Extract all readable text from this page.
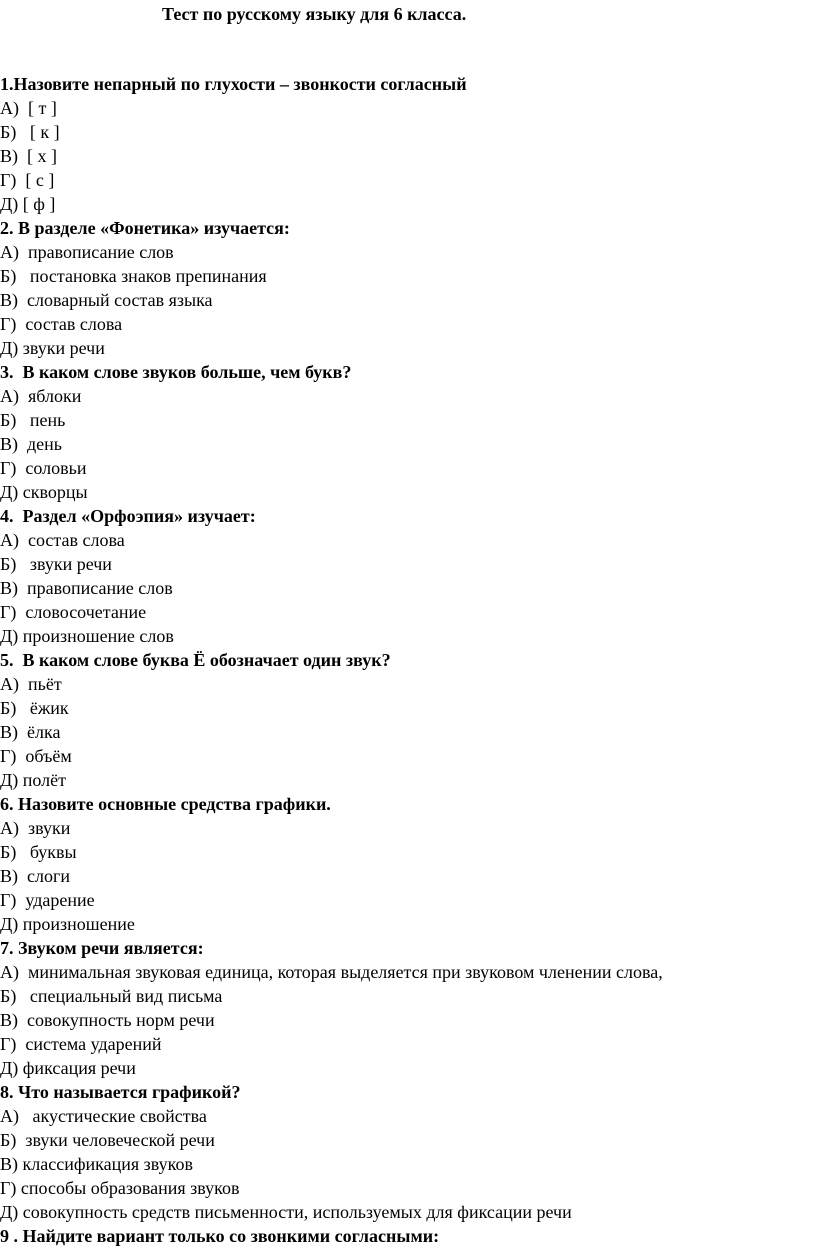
Тест по русскому языку для 6 класса.
1.Назовите непарный по глухости – звонкости согласный
А)  [ т ]
Б)   [ к ]
В)  [ х ]
Г)  [ с ]
Д) [ ф ]
2. В разделе «Фонетика» изучается:
А)  правописание слов
Б)   постановка знаков препинания
В)  словарный состав языка
Г)  состав слова
Д) звуки речи
3.  В каком слове звуков больше, чем букв?
А)  яблоки
Б)   пень
В)  день
Г)  соловьи
Д) скворцы
4.  Раздел «Орфоэпия» изучает:
А)  состав слова
Б)   звуки речи
В)  правописание слов
Г)  словосочетание
Д) произношение слов
5.  В каком слове буква Ё обозначает один звук?
А)  пьёт
Б)   ёжик
В)  ёлка
Г)  объём
Д) полёт
6. Назовите основные средства графики.
А)  звуки
Б)   буквы
В)  слоги
Г)  ударение
Д) произношение
7. Звуком речи является:
А)  минимальная звуковая единица, которая выделяется при звуковом членении слова,
Б)   специальный вид письма
В)  совокупность норм речи
Г)  система ударений
Д) фиксация речи
8. Что называется графикой?
А)   акустические свойства
Б)  звуки человеческой речи
В) классификация звуков
Г) способы образования звуков
Д) совокупность средств письменности, используемых для фиксации речи
9 . Найдите вариант только со звонкими согласными:
